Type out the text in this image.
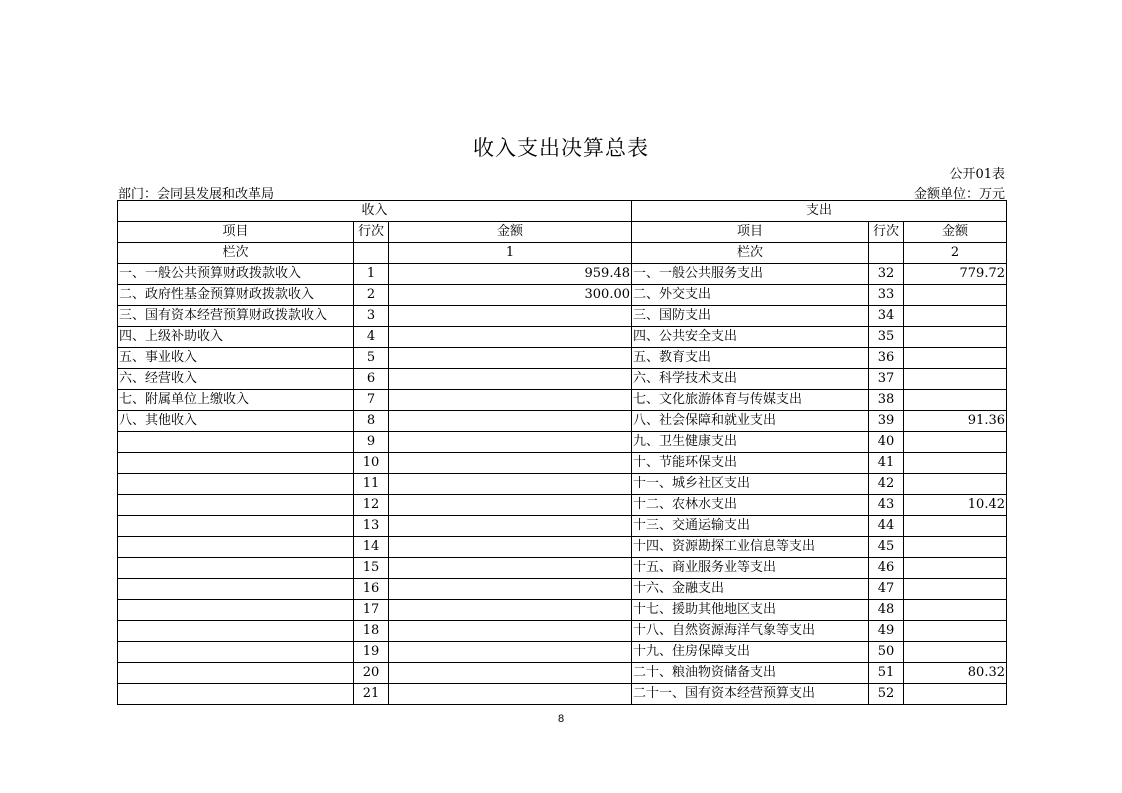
收入支出决算总表
公开01表
部门：会同县发展和改革局	金额单位：万元
收入			支出		
项目	行次	金额	项目	行次	金额
栏次		1	栏次		2
一、一般公共预算财政拨款收入	1	959.48	一、一般公共服务支出	32	779.72
二、政府性基金预算财政拨款收入	2	300.00	二、外交支出	33	
三、国有资本经营预算财政拨款收入	3		三、国防支出	34	
四、上级补助收入	4		四、公共安全支出	35	
五、事业收入	5		五、教育支出	36	
六、经营收入	6		六、科学技术支出	37	
七、附属单位上缴收入	7		七、文化旅游体育与传媒支出	38	
八、其他收入	8		八、社会保障和就业支出	39	91.36
	9		九、卫生健康支出	40	
	10		十、节能环保支出	41	
	11		十一、城乡社区支出	42	
	12		十二、农林水支出	43	10.42
	13		十三、交通运输支出	44	
	14		十四、资源勘探工业信息等支出	45	
	15		十五、商业服务业等支出	46	
	16		十六、金融支出	47	
	17		十七、援助其他地区支出	48	
	18		十八、自然资源海洋气象等支出	49	
	19		十九、住房保障支出	50	
	20		二十、粮油物资储备支出	51	80.32
	21		二十一、国有资本经营预算支出	52	
8
